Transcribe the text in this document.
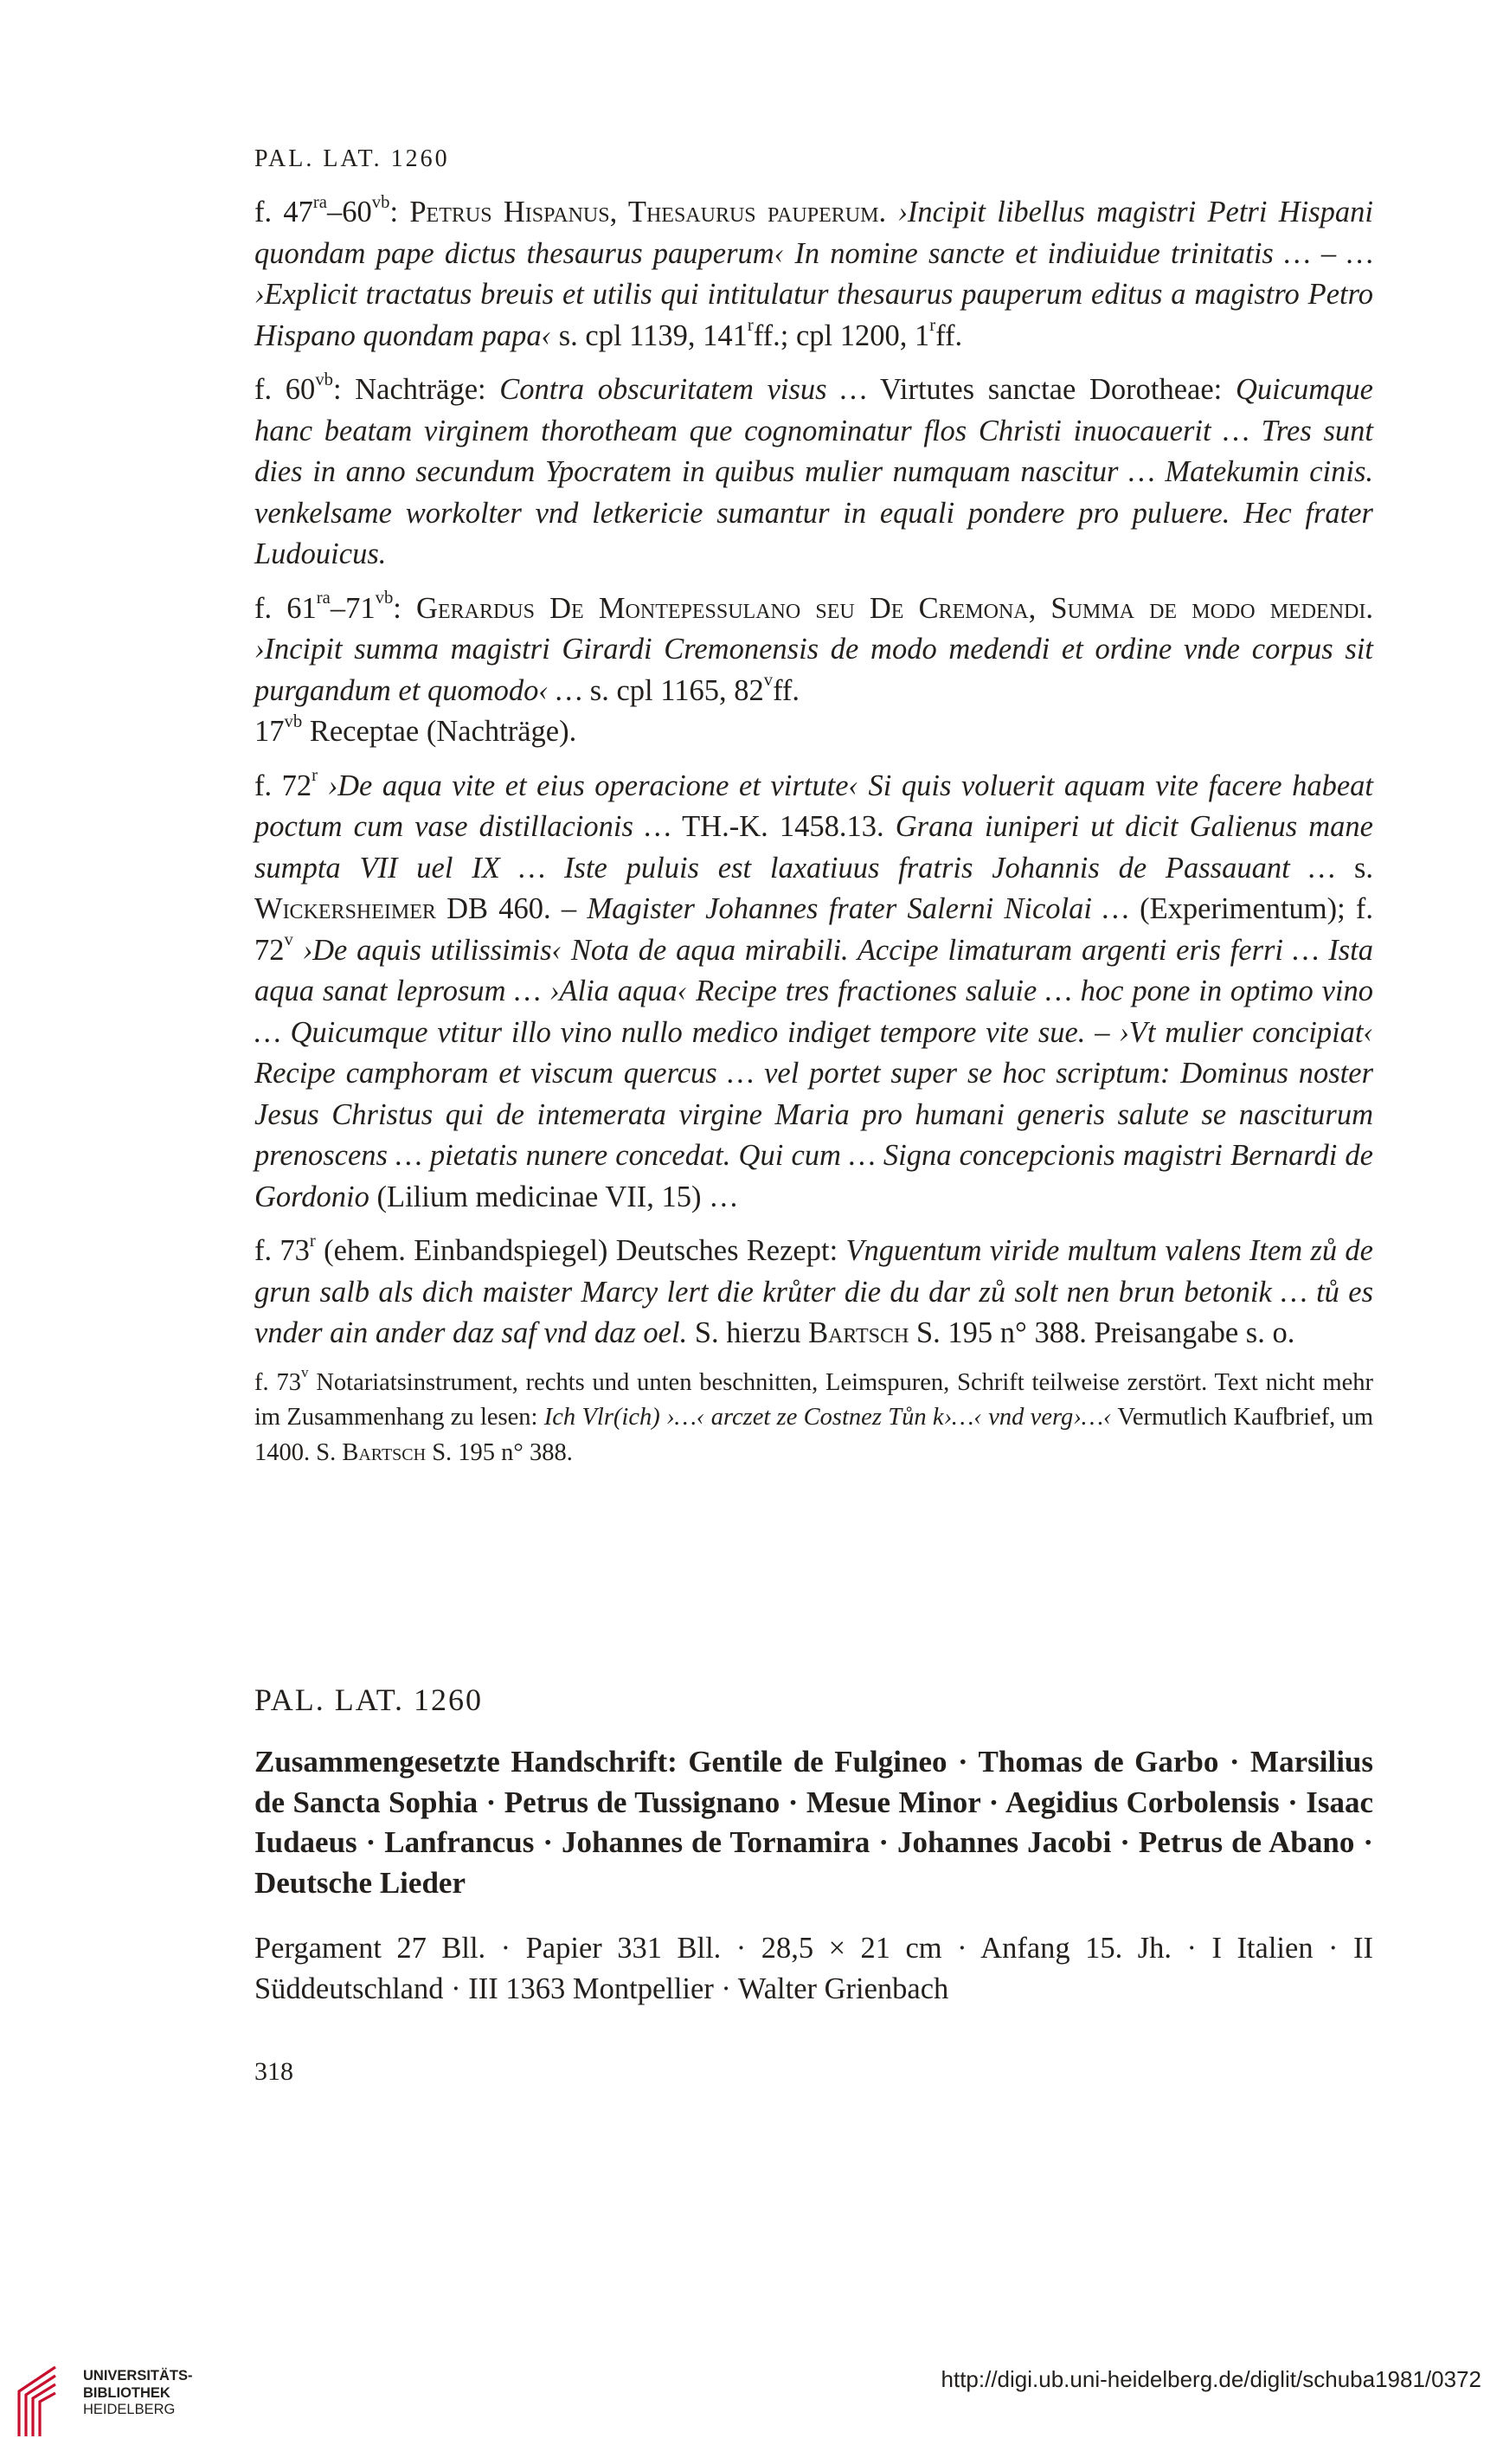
PAL. LAT. 1260

f. $47^{ra}-60^{vb}$: Petrus Hispanus, Thesaurus pauperum. ›Incipit libellus magistri Petri Hispani quondam pape dictus thesaurus pauperum‹ In nomine sancte et indiuidue trinitatis … – … ›Explicit tractatus breuis et utilis qui intitulatur thesaurus pauperum editus a magistro Petro Hispano quondam papa‹ s. cpl 1139, 141$^r$ff.; cpl 1200, 1$^r$ff.

f. $60^{vb}$: Nachträge: Contra obscuritatem visus … Virtutes sanctae Dorotheae: Quicumque hanc beatam virginem thorotheam que cognominatur flos Christi inuocauerit … Tres sunt dies in anno secundum Ypocratem in quibus mulier numquam nascitur … Matekumin cinis. venkelsame workolter vnd letkericie sumantur in equali pondere pro puluere. Hec frater Ludouicus.

f. $61^{ra}-71^{vb}$: Gerardus De Montepessulano seu De Cremona, Summa de modo medendi. ›Incipit summa magistri Girardi Cremonensis de modo medendi et ordine vnde corpus sit purgandum et quomodo‹ … s. cpl 1165, 82$^v$ff.
$17^{vb}$ Receptae (Nachträge).

f. 72$^r$ ›De aqua vite et eius operacione et virtute‹ Si quis voluerit aquam vite facere habeat poctum cum vase distillacionis … TH.-K. 1458.13. Grana iuniperi ut dicit Galienus mane sumpta VII uel IX … Iste puluis est laxatiuus fratris Johannis de Passauant … s. Wickersheimer DB 460. – Magister Johannes frater Salerni Nicolai … (Experimentum); f. 72$^v$ ›De aquis utilissimis‹ Nota de aqua mirabili. Accipe limaturam argenti eris ferri … Ista aqua sanat leprosum … ›Alia aqua‹ Recipe tres fractiones saluie … hoc pone in optimo vino … Quicumque vtitur illo vino nullo medico indiget tempore vite sue. – ›Vt mulier concipiat‹ Recipe camphoram et viscum quercus … vel portet super se hoc scriptum: Dominus noster Jesus Christus qui de intemerata virgine Maria pro humani generis salute se nasciturum prenoscens … pietatis nunere concedat. Qui cum … Signa concepcionis magistri Bernardi de Gordonio (Lilium medicinae VII, 15) …

f. 73$^r$ (ehem. Einbandspiegel) Deutsches Rezept: Vnguentum viride multum valens Item zů de grun salb als dich maister Marcy lert die krůter die du dar zů solt nen brun betonik … tů es vnder ain ander daz saf vnd daz oel. S. hierzu Bartsch S. 195 n° 388. Preisangabe s. o.

f. 73$^v$ Notariatsinstrument, rechts und unten beschnitten, Leimspuren, Schrift teilweise zerstört. Text nicht mehr im Zusammenhang zu lesen: Ich Vlr(ich) ›…‹ arczet ze Costnez Tůn k›…‹ vnd verg›…‹ Vermutlich Kaufbrief, um 1400. S. Bartsch S. 195 n° 388.

PAL. LAT. 1260
Zusammengesetzte Handschrift: Gentile de Fulgineo · Thomas de Garbo · Marsilius de Sancta Sophia · Petrus de Tussignano · Mesue Minor · Aegidius Corbolensis · Isaac Iudaeus · Lanfrancus · Johannes de Tornamira · Johannes Jacobi · Petrus de Abano · Deutsche Lieder
Pergament 27 Bll. · Papier 331 Bll. · 28,5 × 21 cm · Anfang 15. Jh. · I Italien · II Süddeutschland · III 1363 Montpellier · Walter Grienbach
318
UNIVERSITÄTS-
BIBLIOTHEK
HEIDELBERG
http://digi.ub.uni-heidelberg.de/diglit/schuba1981/0372
